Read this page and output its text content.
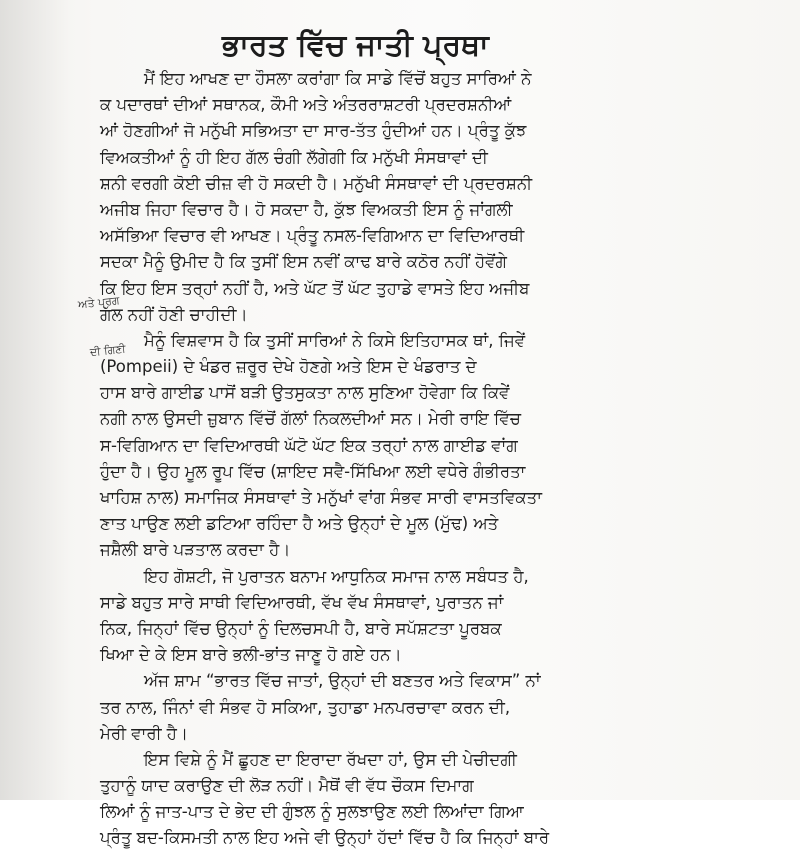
ਭਾਰਤ ਵਿੱਚ ਜਾਤੀ ਪ੍ਰਥਾ
ਅਤੇ ਪ੍ਰਗ
ਦੀ ਗਿਣੀ
ਮੈਂ ਇਹ ਆਖਣ ਦਾ ਹੌਸਲਾ ਕਰਾਂਗਾ ਕਿ ਸਾਡੇ ਵਿੱਚੋਂ ਬਹੁਤ ਸਾਰਿਆਂ ਨੇ
ਕ ਪਦਾਰਥਾਂ ਦੀਆਂ ਸਥਾਨਕ, ਕੌਮੀ ਅਤੇ ਅੰਤਰਰਾਸ਼ਟਰੀ ਪ੍ਰਦਰਸ਼ਨੀਆਂ
ਆਂ ਹੋਣਗੀਆਂ ਜੋ ਮਨੁੱਖੀ ਸਭਿਅਤਾ ਦਾ ਸਾਰ-ਤੱਤ ਹੁੰਦੀਆਂ ਹਨ। ਪ੍ਰੰਤੂ ਕੁੱਝ
ਵਿਅਕਤੀਆਂ ਨੂੰ ਹੀ ਇਹ ਗੱਲ ਚੰਗੀ ਲੱਗੇਗੀ ਕਿ ਮਨੁੱਖੀ ਸੰਸਥਾਵਾਂ ਦੀ
ਸ਼ਨੀ ਵਰਗੀ ਕੋਈ ਚੀਜ਼ ਵੀ ਹੋ ਸਕਦੀ ਹੈ। ਮਨੁੱਖੀ ਸੰਸਥਾਵਾਂ ਦੀ ਪ੍ਰਦਰਸ਼ਨੀ
ਅਜੀਬ ਜਿਹਾ ਵਿਚਾਰ ਹੈ। ਹੋ ਸਕਦਾ ਹੈ, ਕੁੱਝ ਵਿਅਕਤੀ ਇਸ ਨੂੰ ਜਾਂਗਲੀ
ਅਸੱਭਿਆ ਵਿਚਾਰ ਵੀ ਆਖਣ। ਪ੍ਰੰਤੂ ਨਸਲ-ਵਿਗਿਆਨ ਦਾ ਵਿਦਿਆਰਥੀ
ਸਦਕਾ ਮੈਨੂੰ ਉਮੀਦ ਹੈ ਕਿ ਤੁਸੀਂ ਇਸ ਨਵੀਂ ਕਾਢ ਬਾਰੇ ਕਠੋਰ ਨਹੀਂ ਹੋਵੋਂਗੇ
ਕਿ ਇਹ ਇਸ ਤਰ੍ਹਾਂ ਨਹੀਂ ਹੈ, ਅਤੇ ਘੱਟ ਤੋਂ ਘੱਟ ਤੁਹਾਡੇ ਵਾਸਤੇ ਇਹ ਅਜੀਬ
ਗੱਲ ਨਹੀਂ ਹੋਣੀ ਚਾਹੀਦੀ।
ਮੈਨੂੰ ਵਿਸ਼ਵਾਸ ਹੈ ਕਿ ਤੁਸੀਂ ਸਾਰਿਆਂ ਨੇ ਕਿਸੇ ਇਤਿਹਾਸਕ ਥਾਂ, ਜਿਵੇਂ
(Pompeii) ਦੇ ਖੰਡਰ ਜ਼ਰੂਰ ਦੇਖੇ ਹੋਣਗੇ ਅਤੇ ਇਸ ਦੇ ਖੰਡਰਾਤ ਦੇ
ਹਾਸ ਬਾਰੇ ਗਾਈਡ ਪਾਸੋਂ ਬੜੀ ਉਤਸੁਕਤਾ ਨਾਲ ਸੁਣਿਆ ਹੋਵੇਗਾ ਕਿ ਕਿਵੇਂ
ਨਗੀ ਨਾਲ ਉਸਦੀ ਜ਼ੁਬਾਨ ਵਿੱਚੋਂ ਗੱਲਾਂ ਨਿਕਲਦੀਆਂ ਸਨ। ਮੇਰੀ ਰਾਇ ਵਿੱਚ
ਸ-ਵਿਗਿਆਨ ਦਾ ਵਿਦਿਆਰਥੀ ਘੱਟੋ ਘੱਟ ਇਕ ਤਰ੍ਹਾਂ ਨਾਲ ਗਾਈਡ ਵਾਂਗ
ਹੁੰਦਾ ਹੈ। ਉਹ ਮੂਲ ਰੂਪ ਵਿੱਚ (ਸ਼ਾਇਦ ਸਵੈ-ਸਿੱਖਿਆ ਲਈ ਵਧੇਰੇ ਗੰਭੀਰਤਾ
ਖਾਹਿਸ਼ ਨਾਲ) ਸਮਾਜਿਕ ਸੰਸਥਾਵਾਂ ਤੇ ਮਨੁੱਖਾਂ ਵਾਂਗ ਸੰਭਵ ਸਾਰੀ ਵਾਸਤਵਿਕਤਾ
ਣਾਤ ਪਾਉਣ ਲਈ ਡਟਿਆ ਰਹਿੰਦਾ ਹੈ ਅਤੇ ਉਨ੍ਹਾਂ ਦੇ ਮੂਲ (ਮੁੱਢ) ਅਤੇ
ਜਸ਼ੈਲੀ ਬਾਰੇ ਪੜਤਾਲ ਕਰਦਾ ਹੈ।
ਇਹ ਗੋਸ਼ਟੀ, ਜੋ ਪੁਰਾਤਨ ਬਨਾਮ ਆਧੁਨਿਕ ਸਮਾਜ ਨਾਲ ਸਬੰਧਤ ਹੈ,
ਸਾਡੇ ਬਹੁਤ ਸਾਰੇ ਸਾਥੀ ਵਿਦਿਆਰਥੀ, ਵੱਖ ਵੱਖ ਸੰਸਥਾਵਾਂ, ਪੁਰਾਤਨ ਜਾਂ
ਨਿਕ, ਜਿਨ੍ਹਾਂ ਵਿੱਚ ਉਨ੍ਹਾਂ ਨੂੰ ਦਿਲਚਸਪੀ ਹੈ, ਬਾਰੇ ਸਪੱਸ਼ਟਤਾ ਪੂਰਬਕ
ਖਿਆ ਦੇ ਕੇ ਇਸ ਬਾਰੇ ਭਲੀ-ਭਾਂਤ ਜਾਣੂ ਹੋ ਗਏ ਹਨ।
ਅੱਜ ਸ਼ਾਮ “ਭਾਰਤ ਵਿੱਚ ਜਾਤਾਂ, ਉਨ੍ਹਾਂ ਦੀ ਬਣਤਰ ਅਤੇ ਵਿਕਾਸ” ਨਾਂ
ਤਰ ਨਾਲ, ਜਿੰਨਾਂ ਵੀ ਸੰਭਵ ਹੋ ਸਕਿਆ, ਤੁਹਾਡਾ ਮਨਪਰਚਾਵਾ ਕਰਨ ਦੀ,
ਮੇਰੀ ਵਾਰੀ ਹੈ।
ਇਸ ਵਿਸ਼ੇ ਨੂੰ ਮੈਂ ਛੂਹਣ ਦਾ ਇਰਾਦਾ ਰੱਖਦਾ ਹਾਂ, ਉਸ ਦੀ ਪੇਚੀਦਗੀ
ਤੁਹਾਨੂੰ ਯਾਦ ਕਰਾਉਣ ਦੀ ਲੋੜ ਨਹੀਂ। ਮੈਥੋਂ ਵੀ ਵੱਧ ਚੌਕਸ ਦਿਮਾਗ
ਲਿਆਂ ਨੂੰ ਜਾਤ-ਪਾਤ ਦੇ ਭੇਦ ਦੀ ਗੁੰਝਲ ਨੂੰ ਸੁਲਝਾਉਣ ਲਈ ਲਿਆਂਦਾ ਗਿਆ
ਪ੍ਰੰਤੂ ਬਦ-ਕਿਸਮਤੀ ਨਾਲ ਇਹ ਅਜੇ ਵੀ ਉਨ੍ਹਾਂ ਹੱਦਾਂ ਵਿੱਚ ਹੈ ਕਿ ਜਿਨ੍ਹਾਂ ਬਾਰੇ
